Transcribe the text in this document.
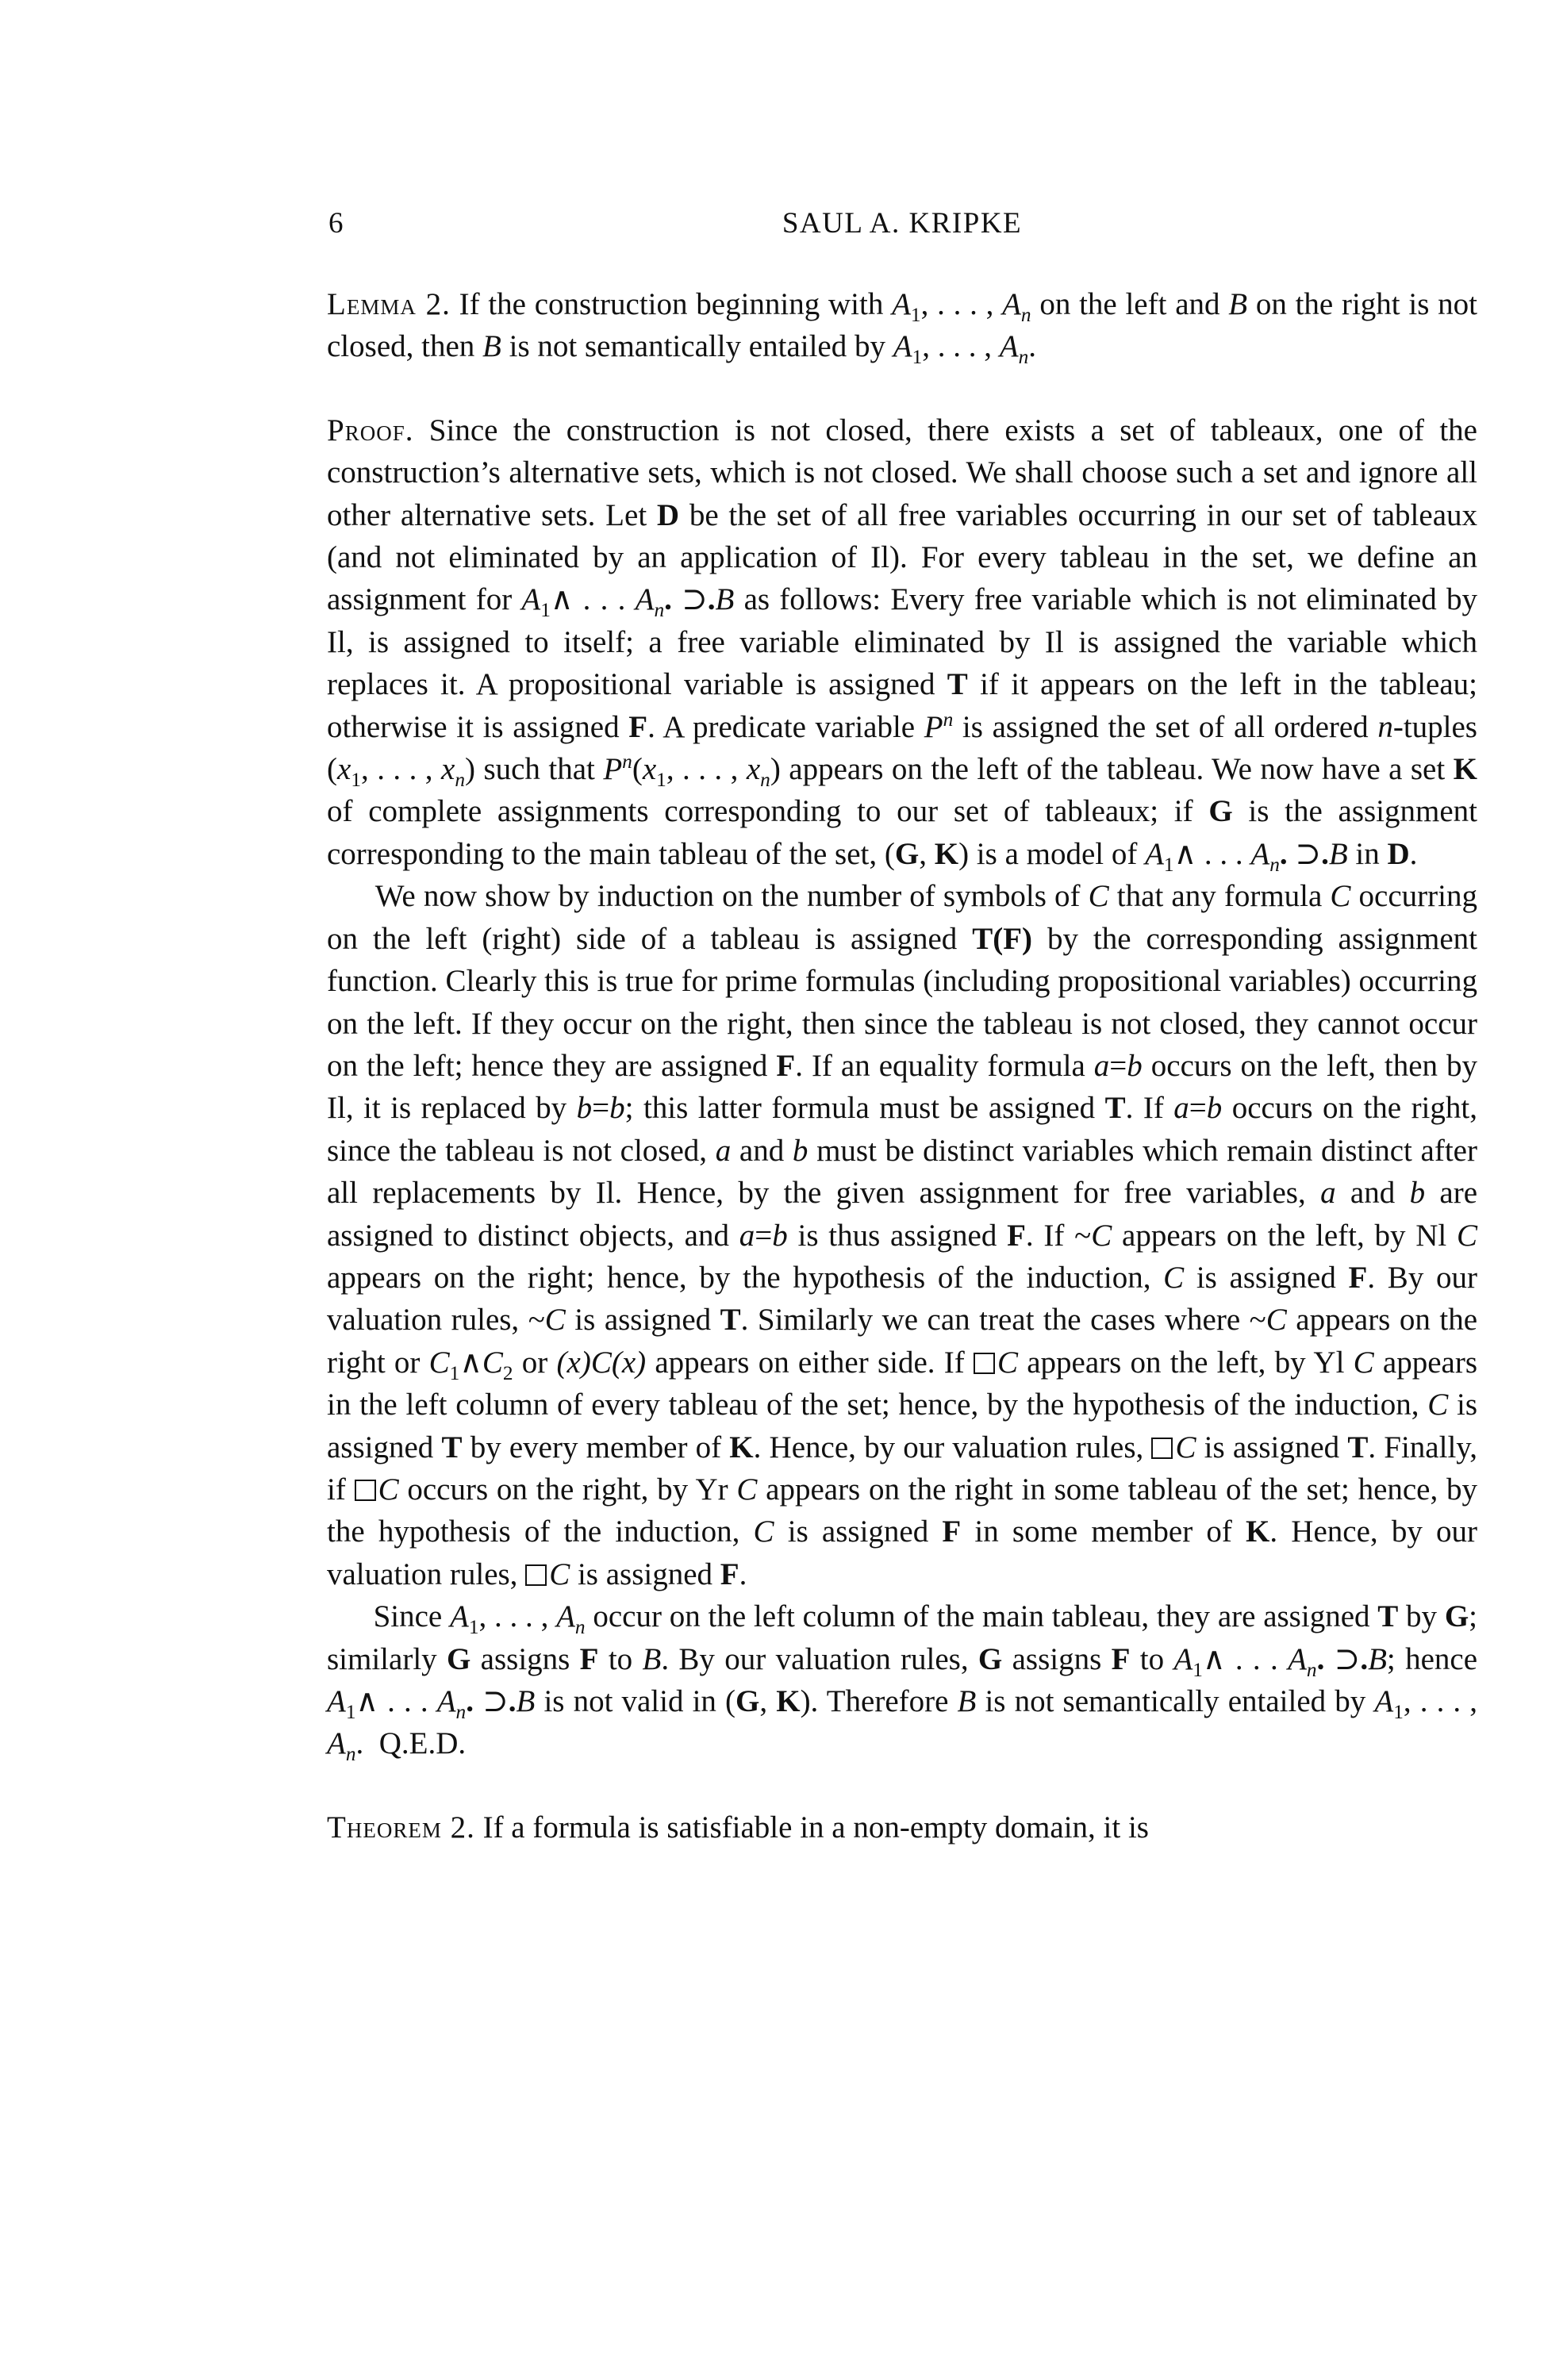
6	SAUL A. KRIPKE

Lemma 2. If the construction beginning with $A_1$, . . . , $A_n$ on the left and B on the right is not closed, then B is not semantically entailed by $A_1$, . . . , $A_n$.

Proof. Since the construction is not closed, there exists a set of tableaux, one of the construction’s alternative sets, which is not closed. We shall choose such a set and ignore all other alternative sets. Let D be the set of all free variables occurring in our set of tableaux (and not eliminated by an application of Il). For every tableau in the set, we define an assignment for $A_1\wedge$ . . . $A_n$. ⊃.B as follows: Every free variable which is not eliminated by Il, is assigned to itself; a free variable eliminated by Il is assigned the variable which replaces it. A propositional variable is assigned T if it appears on the left in the tableau; otherwise it is assigned F. A predicate variable $P^n$ is assigned the set of all ordered n-tuples ($x_1$, . . . , $x_n$) such that $P^n(x_1$, . . . , $x_n$) appears on the left of the tableau. We now have a set K of complete assignments corresponding to our set of tableaux; if G is the assignment corresponding to the main tableau of the set, (G, K) is a model of $A_1\wedge$ . . . $A_n$. ⊃.B in D.

We now show by induction on the number of symbols of C that any formula C occurring on the left (right) side of a tableau is assigned T(F) by the corresponding assignment function. Clearly this is true for prime formulas (including propositional variables) occurring on the left. If they occur on the right, then since the tableau is not closed, they cannot occur on the left; hence they are assigned F. If an equality formula a=b occurs on the left, then by Il, it is replaced by b=b; this latter formula must be assigned T. If a=b occurs on the right, since the tableau is not closed, a and b must be distinct variables which remain distinct after all replacements by Il. Hence, by the given assignment for free variables, a and b are assigned to distinct objects, and a=b is thus assigned F. If ~C appears on the left, by Nl C appears on the right; hence, by the hypothesis of the induction, C is assigned F. By our valuation rules, ~C is assigned T. Similarly we can treat the cases where ~C appears on the right or $C_1\wedge C_2$ or (x)C(x) appears on either side. If C appears on the left, by Yl C appears in the left column of every tableau of the set; hence, by the hypothesis of the induction, C is assigned T by every member of K. Hence, by our valuation rules, C is assigned T. Finally, if C occurs on the right, by Yr C appears on the right in some tableau of the set; hence, by the hypothesis of the induction, C is assigned F in some member of K. Hence, by our valuation rules, C is assigned F.

Since $A_1$, . . . , $A_n$ occur on the left column of the main tableau, they are assigned T by G; similarly G assigns F to B. By our valuation rules, G assigns F to $A_1\wedge$ . . . $A_n$. ⊃.B; hence $A_1\wedge$ . . . $A_n$. ⊃.B is not valid in (G, K). Therefore B is not semantically entailed by $A_1$, . . . , $A_n$. Q.E.D.

Theorem 2. If a formula is satisfiable in a non-empty domain, it is
